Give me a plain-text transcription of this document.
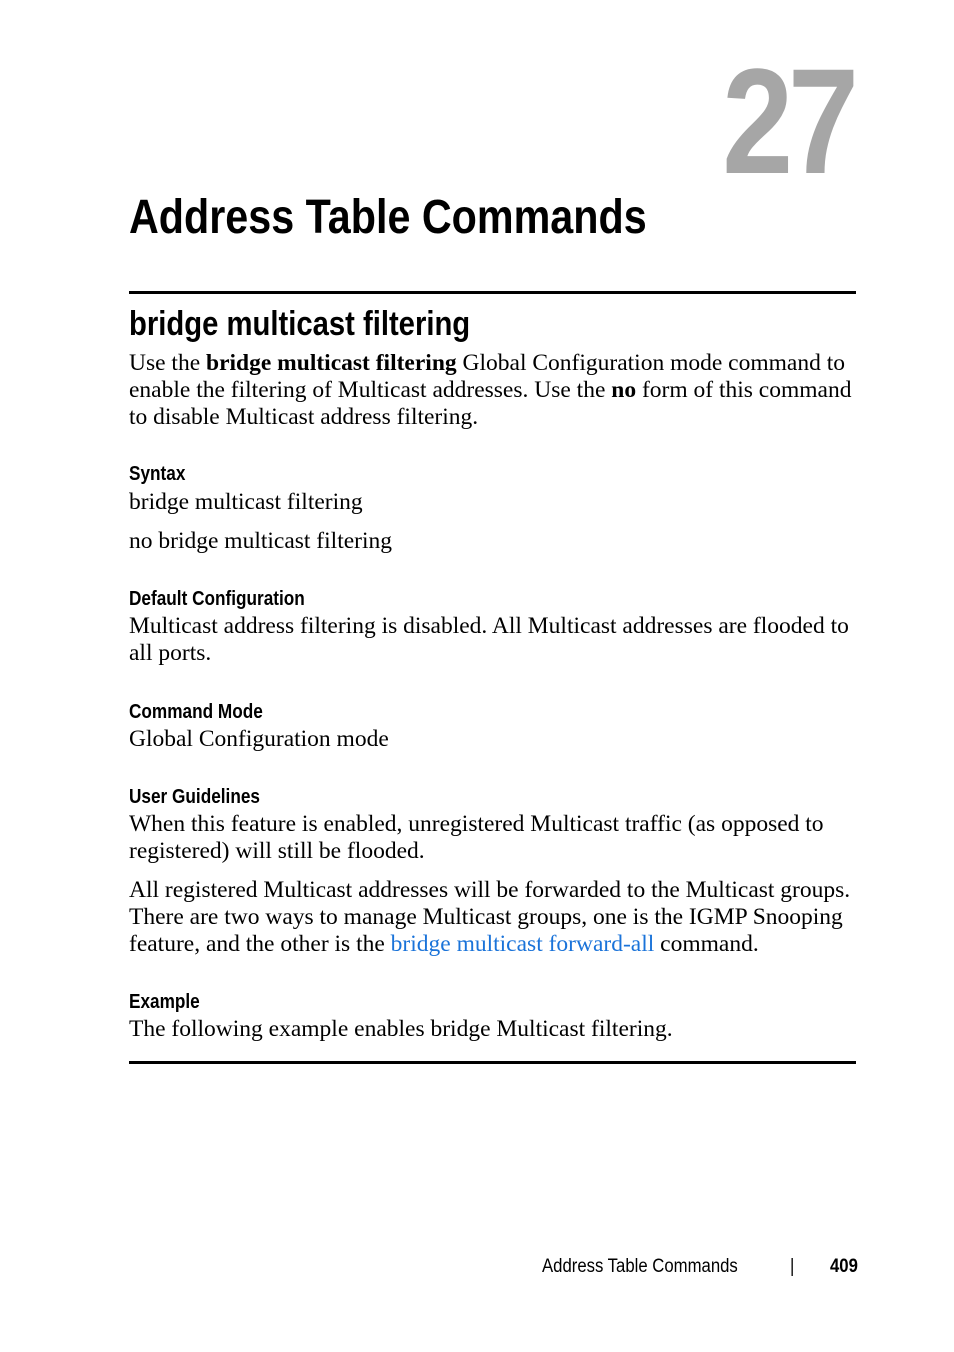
27
Address Table Commands
bridge multicast filtering
Use the bridge multicast filtering Global Configuration mode command to enable the filtering of Multicast addresses. Use the no form of this command to disable Multicast address filtering.
Syntax
bridge multicast filtering
no bridge multicast filtering
Default Configuration
Multicast address filtering is disabled. All Multicast addresses are flooded to all ports.
Command Mode
Global Configuration mode
User Guidelines
When this feature is enabled, unregistered Multicast traffic (as opposed to registered) will still be flooded.
All registered Multicast addresses will be forwarded to the Multicast groups. There are two ways to manage Multicast groups, one is the IGMP Snooping feature, and the other is the bridge multicast forward-all command.
Example
The following example enables bridge Multicast filtering.
Address Table Commands	| 409
